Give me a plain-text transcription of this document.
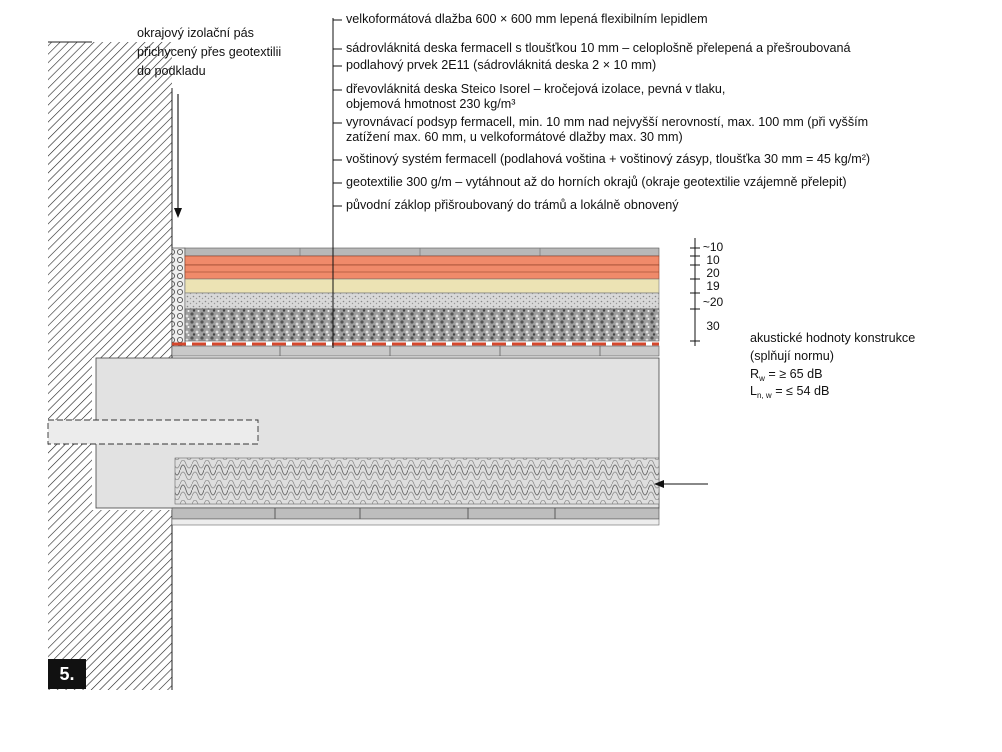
okrajový izolační pás
přichycený přes geotextilii
do podkladu
velkoformátová dlažba 600 × 600 mm lepená flexibilním lepidlem
sádrovláknitá deska fermacell s tloušťkou 10 mm – celoplošně přelepená a přešroubovaná
podlahový prvek 2E11 (sádrovláknitá deska 2 × 10 mm)
dřevovláknitá deska Steico Isorel – kročejová izolace, pevná v tlaku,
objemová hmotnost 230 kg/m³
vyrovnávací podsyp fermacell, min. 10 mm nad nejvyšší nerovností, max. 100 mm (při vyšším
zatížení max. 60 mm, u velkoformátové dlažby max. 30 mm)
voštinový systém fermacell (podlahová voština + voštinový zásyp, tloušťka 30 mm = 45 kg/m²)
geotextilie 300 g/m – vytáhnout až do horních okrajů (okraje geotextilie vzájemně přelepit)
původní záklop přišroubovaný do trámů a lokálně obnovený
~10
10
20
19
~20
30
akustické hodnoty konstrukce
(splňují normu)
$R_w$ = ≥ 65 dB
$L_{n, w}$ = ≤ 54 dB
5.
